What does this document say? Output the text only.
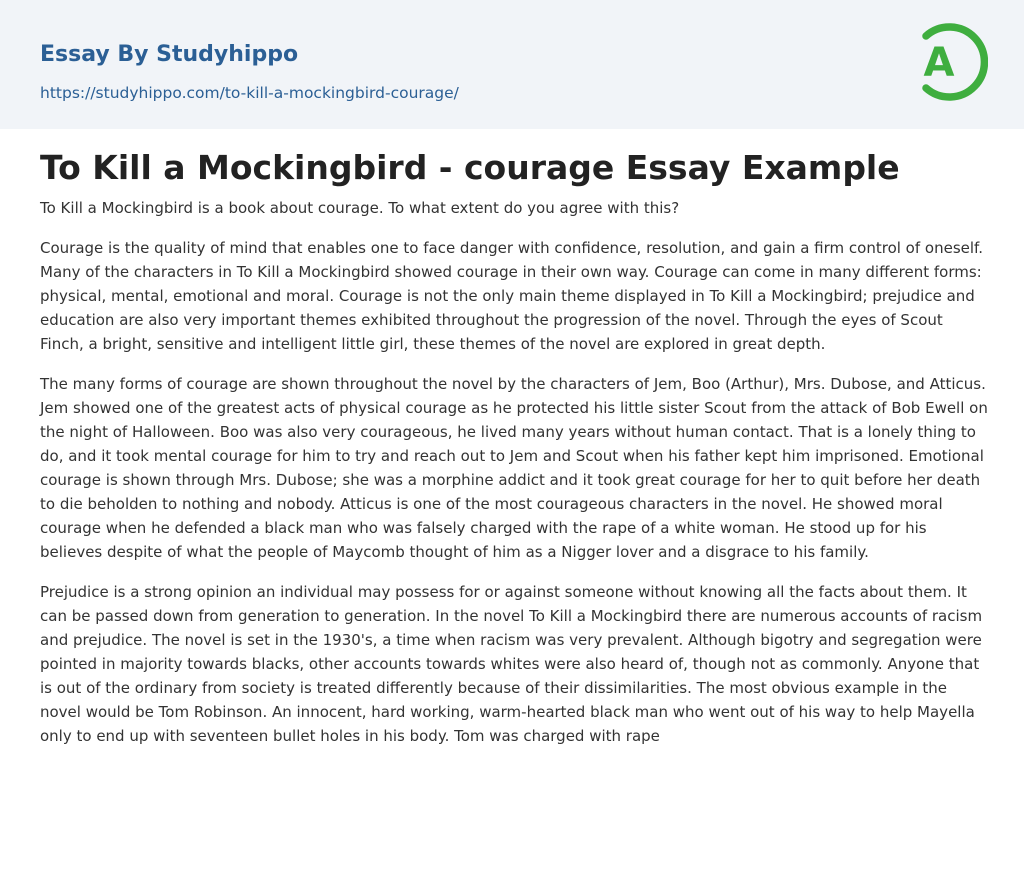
Essay By Studyhippo
https://studyhippo.com/to-kill-a-mockingbird-courage/
A
To Kill a Mockingbird - courage Essay Example

To Kill a Mockingbird is a book about courage. To what extent do you agree with this?

Courage is the quality of mind that enables one to face danger with confidence, resolution, and gain a firm control of oneself. Many of the characters in To Kill a Mockingbird showed courage in their own way. Courage can come in many different forms: physical, mental, emotional and moral. Courage is not the only main theme displayed in To Kill a Mockingbird; prejudice and education are also very important themes exhibited throughout the progression of the novel. Through the eyes of Scout Finch, a bright, sensitive and intelligent little girl, these themes of the novel are explored in great depth.

The many forms of courage are shown throughout the novel by the characters of Jem, Boo (Arthur), Mrs. Dubose, and Atticus. Jem showed one of the greatest acts of physical courage as he protected his little sister Scout from the attack of Bob Ewell on the night of Halloween. Boo was also very courageous, he lived many years without human contact. That is a lonely thing to do, and it took mental courage for him to try and reach out to Jem and Scout when his father kept him imprisoned. Emotional courage is shown through Mrs. Dubose; she was a morphine addict and it took great courage for her to quit before her death to die beholden to nothing and nobody. Atticus is one of the most courageous characters in the novel. He showed moral courage when he defended a black man who was falsely charged with the rape of a white woman. He stood up for his believes despite of what the people of Maycomb thought of him as a Nigger lover and a disgrace to his family.

Prejudice is a strong opinion an individual may possess for or against someone without knowing all the facts about them. It can be passed down from generation to generation. In the novel To Kill a Mockingbird there are numerous accounts of racism and prejudice. The novel is set in the 1930's, a time when racism was very prevalent. Although bigotry and segregation were pointed in majority towards blacks, other accounts towards whites were also heard of, though not as commonly. Anyone that is out of the ordinary from society is treated differently because of their dissimilarities. The most obvious example in the novel would be Tom Robinson. An innocent, hard working, warm-hearted black man who went out of his way to help Mayella only to end up with seventeen bullet holes in his body. Tom was charged with rape
